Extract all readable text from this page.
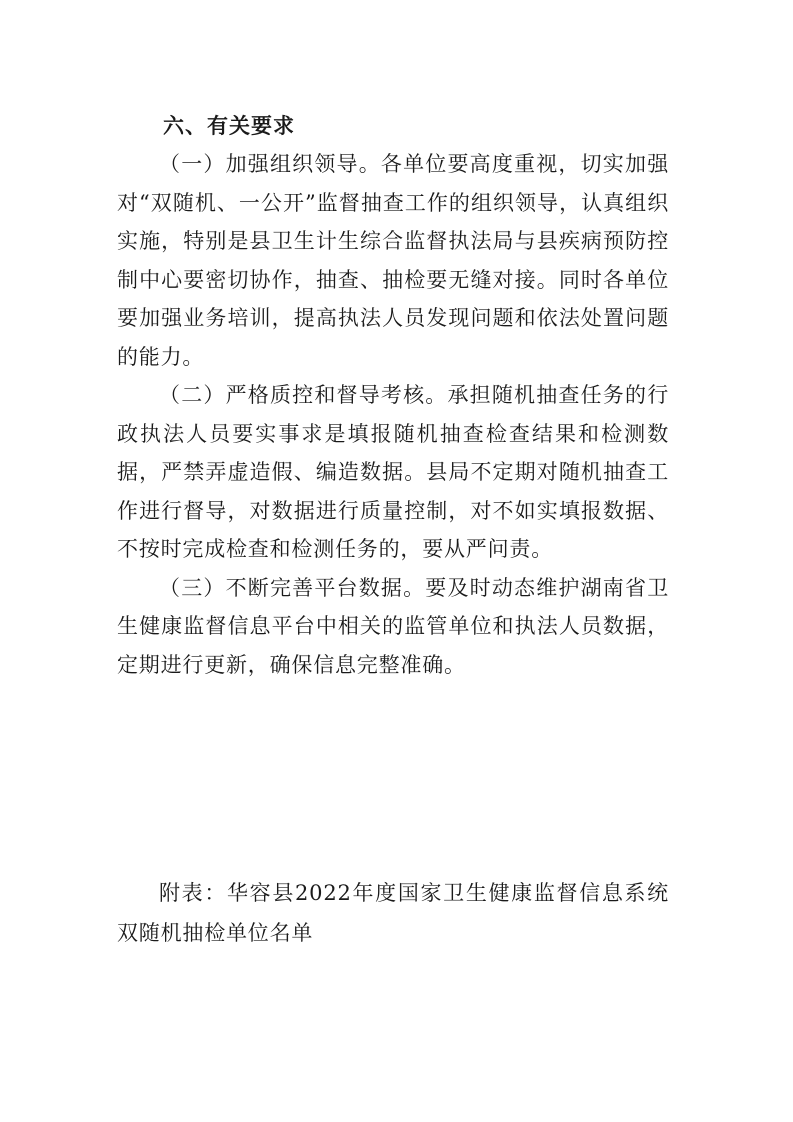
六、有关要求

（一）加强组织领导。各单位要高度重视，切实加强对“双随机、一公开”监督抽查工作的组织领导，认真组织实施，特别是县卫生计生综合监督执法局与县疾病预防控制中心要密切协作，抽查、抽检要无缝对接。同时各单位要加强业务培训，提高执法人员发现问题和依法处置问题的能力。

（二）严格质控和督导考核。承担随机抽查任务的行政执法人员要实事求是填报随机抽查检查结果和检测数据，严禁弄虚造假、编造数据。县局不定期对随机抽查工作进行督导，对数据进行质量控制，对不如实填报数据、不按时完成检查和检测任务的，要从严问责。

（三）不断完善平台数据。要及时动态维护湖南省卫生健康监督信息平台中相关的监管单位和执法人员数据，定期进行更新，确保信息完整准确。

附表：华容县2022年度国家卫生健康监督信息系统双随机抽检单位名单
